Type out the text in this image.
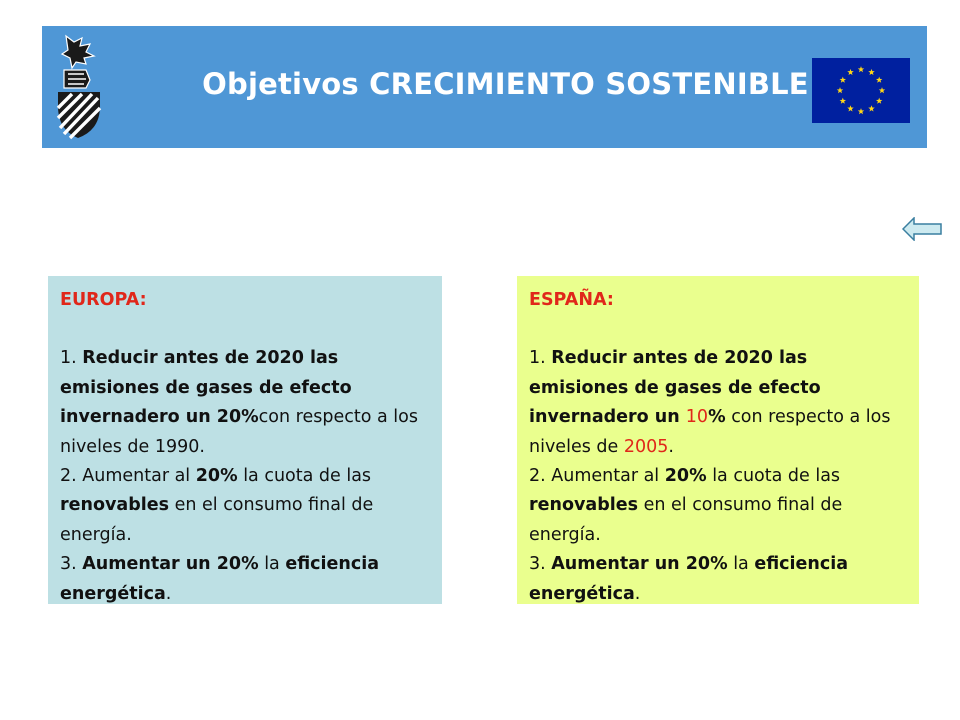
Objetivos CRECIMIENTO SOSTENIBLE
EUROPA:
1. Reducir antes de 2020 las emisiones de gases de efecto invernadero un 20%con respecto a los niveles de 1990.
2. Aumentar al 20% la cuota de las renovables en el consumo final de energía.
3. Aumentar un 20% la eficiencia energética.
ESPAÑA:
1. Reducir antes de 2020 las emisiones de gases de efecto invernadero un 10% con respecto a los niveles de 2005.
2. Aumentar al 20% la cuota de las renovables en el consumo final de energía.
3. Aumentar un 20% la eficiencia energética.
